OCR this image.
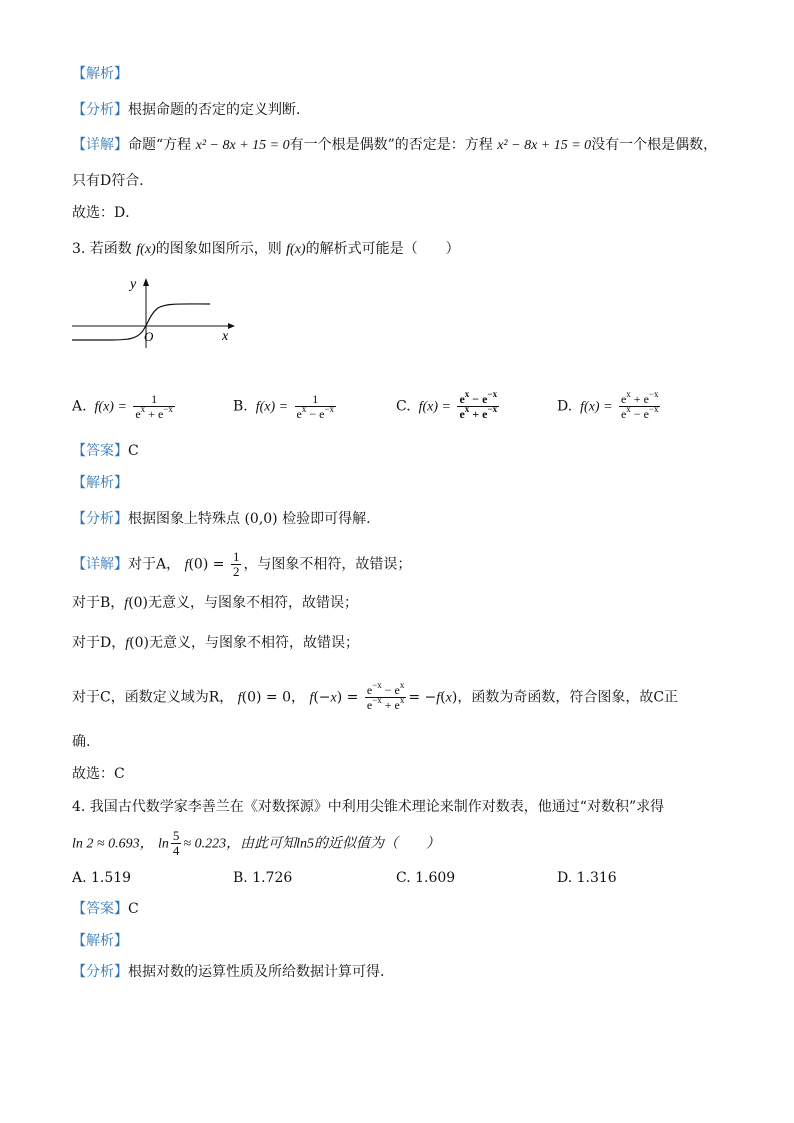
【解析】
【分析】根据命题的否定的定义判断．
【详解】命题“方程 x² − 8x + 15 = 0有一个根是偶数”的否定是：方程 x² − 8x + 15 = 0没有一个根是偶数，
只有D符合．
故选：D．
3. 若函数 f(x)的图象如图所示，则 f(x)的解析式可能是（　　）
y
x
O
A.  $f(x) = \frac{1}{e^x + e^{-x}}$	B.  $f(x) = \frac{1}{e^x - e^{-x}}$	C.  $f(x) = \frac{e^x - e^{-x}}{e^x + e^{-x}}$	D.  $f(x) = \frac{e^x + e^{-x}}{e^x - e^{-x}}$
【答案】C
【解析】
【分析】根据图象上特殊点 (0,0) 检验即可得解.
【详解】对于A， $f(0) = \frac{1}{2}$ ，与图象不相符，故错误；
对于B，f(0)无意义，与图象不相符，故错误；
对于D，f(0)无意义，与图象不相符，故错误；
对于C，函数定义域为R， f(0) = 0， $f(-x) = \frac{e^{-x} - e^x}{e^{-x} + e^x} = -f(x)$，函数为奇函数，符合图象，故C正
确.
故选：C
4. 我国古代数学家李善兰在《对数探源》中利用尖锥术理论来制作对数表，他通过“对数积”求得
ln 2 ≈ 0.693， $\ln \frac{5}{4} \approx 0.223$，由此可知ln5的近似值为（　　）
A. 1.519	B. 1.726	C. 1.609	D. 1.316
【答案】C
【解析】
【分析】根据对数的运算性质及所给数据计算可得.
